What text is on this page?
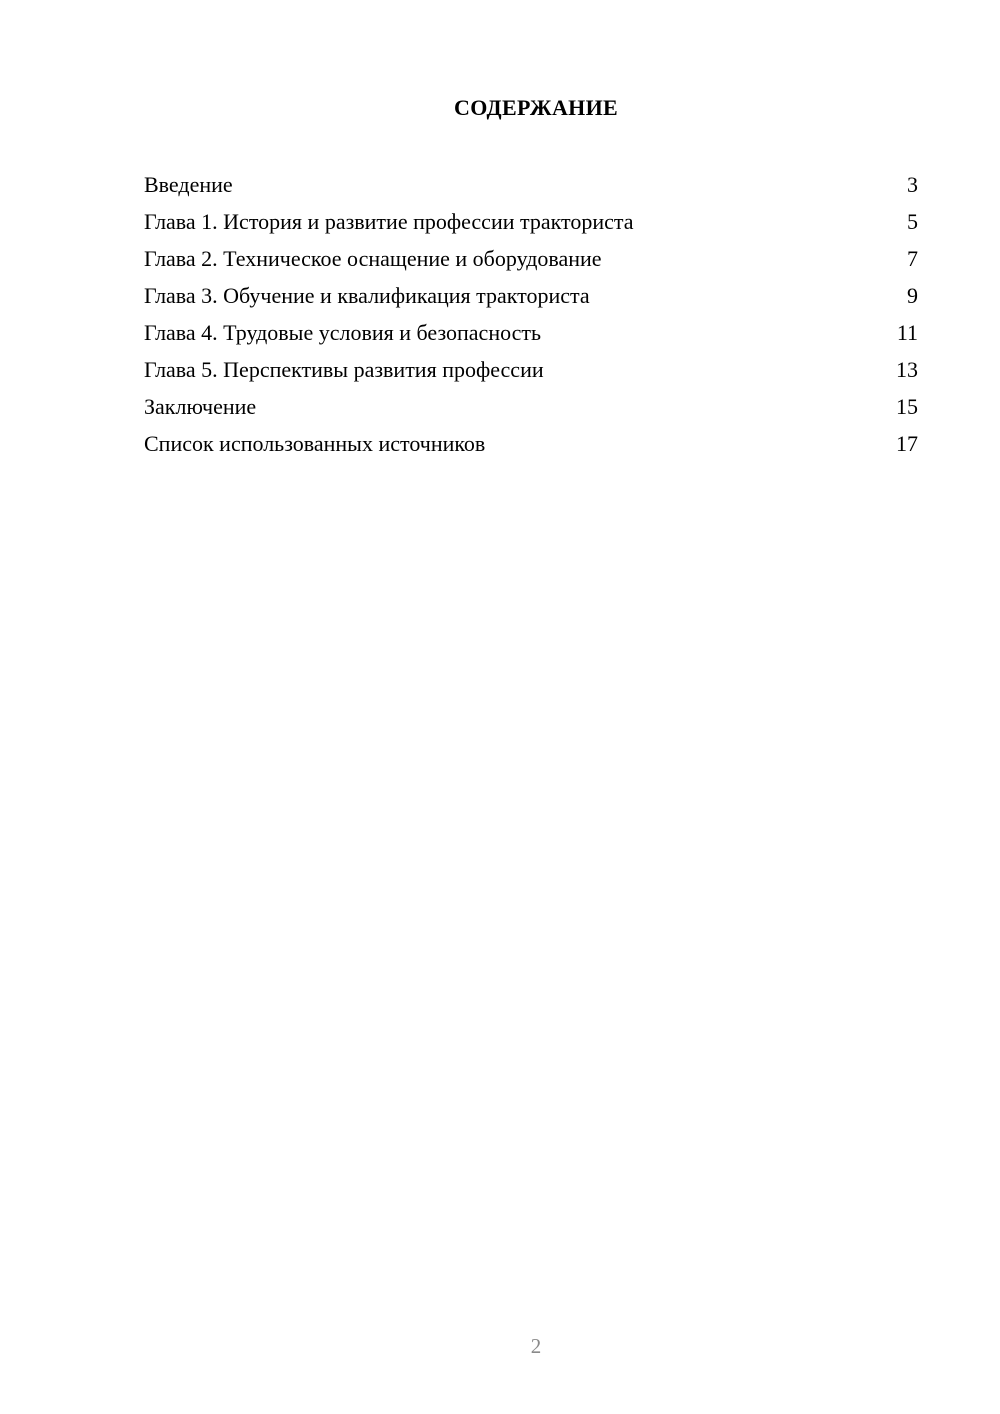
СОДЕРЖАНИЕ
Введение	3
Глава 1. История и развитие профессии тракториста	5
Глава 2. Техническое оснащение и оборудование	7
Глава 3. Обучение и квалификация тракториста	9
Глава 4. Трудовые условия и безопасность	11
Глава 5. Перспективы развития профессии	13
Заключение	15
Список использованных источников	17
2
